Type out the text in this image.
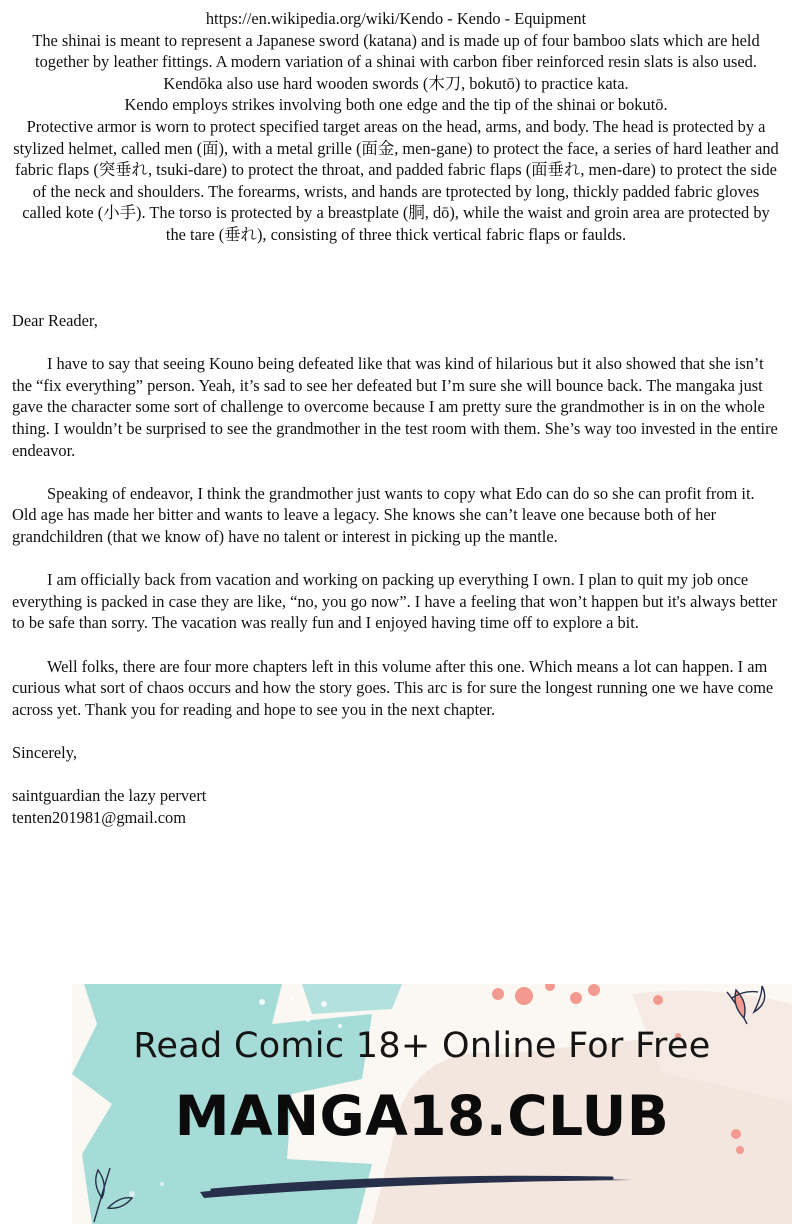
https://en.wikipedia.org/wiki/Kendo - Kendo - Equipment

The shinai is meant to represent a Japanese sword (katana) and is made up of four bamboo slats which are held together by leather fittings. A modern variation of a shinai with carbon fiber reinforced resin slats is also used.

Kendōka also use hard wooden swords (木刀, bokutō) to practice kata.

Kendo employs strikes involving both one edge and the tip of the shinai or bokutō.

Protective armor is worn to protect specified target areas on the head, arms, and body. The head is protected by a stylized helmet, called men (面), with a metal grille (面金, men-gane) to protect the face, a series of hard leather and fabric flaps (突垂れ, tsuki-dare) to protect the throat, and padded fabric flaps (面垂れ, men-dare) to protect the side of the neck and shoulders. The forearms, wrists, and hands are tprotected by long, thickly padded fabric gloves called kote (小手). The torso is protected by a breastplate (胴, dō), while the waist and groin area are protected by the tare (垂れ), consisting of three thick vertical fabric flaps or faulds.

Dear Reader,

I have to say that seeing Kouno being defeated like that was kind of hilarious but it also showed that she isn’t the “fix everything” person. Yeah, it’s sad to see her defeated but I’m sure she will bounce back. The mangaka just gave the character some sort of challenge to overcome because I am pretty sure the grandmother is in on the whole thing. I wouldn’t be surprised to see the grandmother in the test room with them. She’s way too invested in the entire endeavor.

Speaking of endeavor, I think the grandmother just wants to copy what Edo can do so she can profit from it. Old age has made her bitter and wants to leave a legacy. She knows she can’t leave one because both of her grandchildren (that we know of) have no talent or interest in picking up the mantle.

I am officially back from vacation and working on packing up everything I own. I plan to quit my job once everything is packed in case they are like, “no, you go now”. I have a feeling that won’t happen but it's always better to be safe than sorry. The vacation was really fun and I enjoyed having time off to explore a bit.

Well folks, there are four more chapters left in this volume after this one. Which means a lot can happen. I am curious what sort of chaos occurs and how the story goes. This arc is for sure the longest running one we have come across yet. Thank you for reading and hope to see you in the next chapter.

Sincerely,

saintguardian the lazy pervert

tenten201981@gmail.com

Read Comic 18+ Online For Free
MANGA18.CLUB
